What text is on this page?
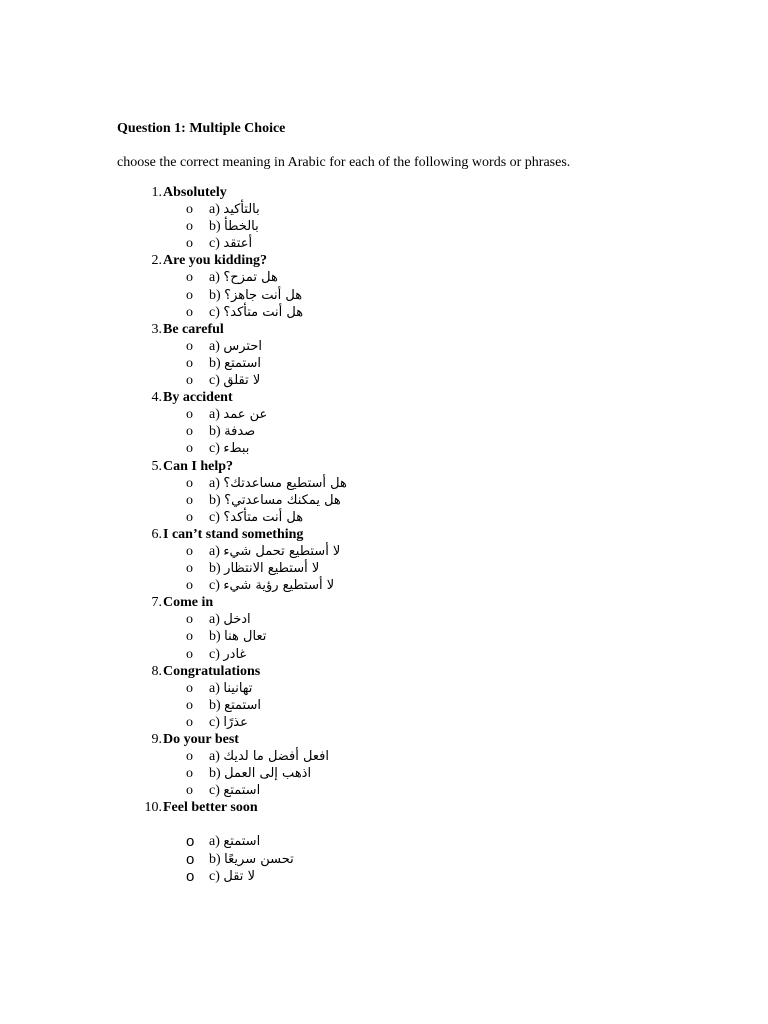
Question 1: Multiple Choice

choose the correct meaning in Arabic for each of the following words or phrases.

1. Absolutely
o a) بالتأكيد
o b) بالخطأ
o c) أعتقد
2. Are you kidding?
o a) هل تمزح؟
o b) هل أنت جاهز؟
o c) هل أنت متأكد؟
3. Be careful
o a) احترس
o b) استمتع
o c) لا تقلق
4. By accident
o a) عن عمد
o b) صدفة
o c) ببطء
5. Can I help?
o a) هل أستطيع مساعدتك؟
o b) هل يمكنك مساعدتي؟
o c) هل أنت متأكد؟
6. I can’t stand something
o a) لا أستطيع تحمل شيء
o b) لا أستطيع الانتظار
o c) لا أستطيع رؤية شيء
7. Come in
o a) ادخل
o b) تعال هنا
o c) غادر
8. Congratulations
o a) تهانينا
o b) استمتع
o c) عذرًا
9. Do your best
o a) افعل أفضل ما لديك
o b) اذهب إلى العمل
o c) استمتع
10. Feel better soon
o a) استمتع
o b) تحسن سريعًا
o c) لا تقل
